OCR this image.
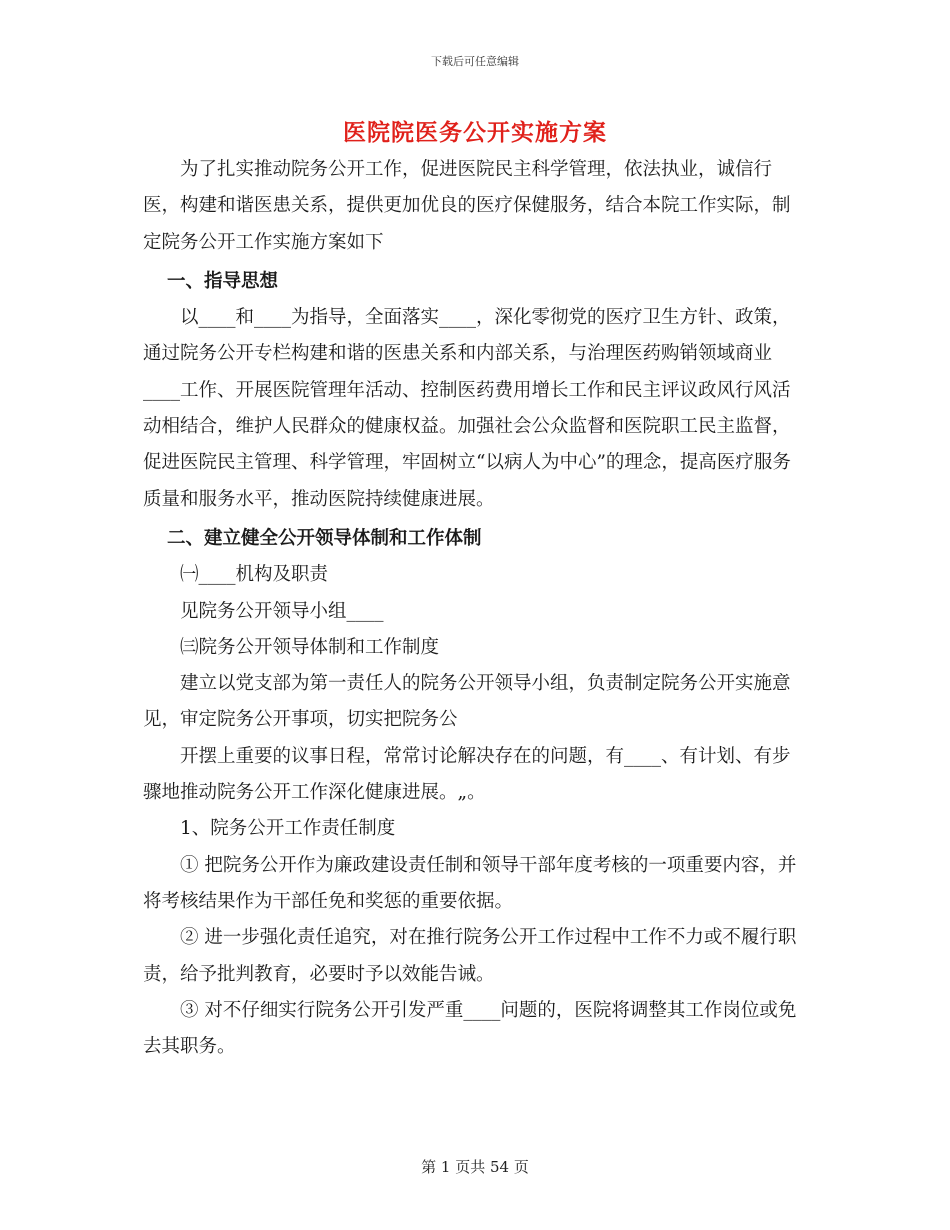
下载后可任意编辑
医院院医务公开实施方案

为了扎实推动院务公开工作，促进医院民主科学管理，依法执业，诚信行医，构建和谐医患关系，提供更加优良的医疗保健服务，结合本院工作实际，制定院务公开工作实施方案如下

一、指导思想

以____和____为指导，全面落实____，深化零彻党的医疗卫生方针、政策，通过院务公开专栏构建和谐的医患关系和内部关系，与治理医药购销领域商业____工作、开展医院管理年活动、控制医药费用增长工作和民主评议政风行风活动相结合，维护人民群众的健康权益。加强社会公众监督和医院职工民主监督，促进医院民主管理、科学管理，牢固树立“以病人为中心”的理念，提高医疗服务质量和服务水平，推动医院持续健康进展。

二、建立健全公开领导体制和工作体制

㈠____机构及职责

见院务公开领导小组____

㈢院务公开领导体制和工作制度

建立以党支部为第一责任人的院务公开领导小组，负责制定院务公开实施意见，审定院务公开事项，切实把院务公

开摆上重要的议事日程，常常讨论解决存在的问题，有____、有计划、有步骤地推动院务公开工作深化健康进展。„。

1、院务公开工作责任制度

① 把院务公开作为廉政建设责任制和领导干部年度考核的一项重要内容，并将考核结果作为干部任免和奖惩的重要依据。

② 进一步强化责任追究，对在推行院务公开工作过程中工作不力或不履行职责，给予批判教育，必要时予以效能告诫。

③ 对不仔细实行院务公开引发严重____问题的，医院将调整其工作岗位或免去其职务。

第 1 页共 54 页
